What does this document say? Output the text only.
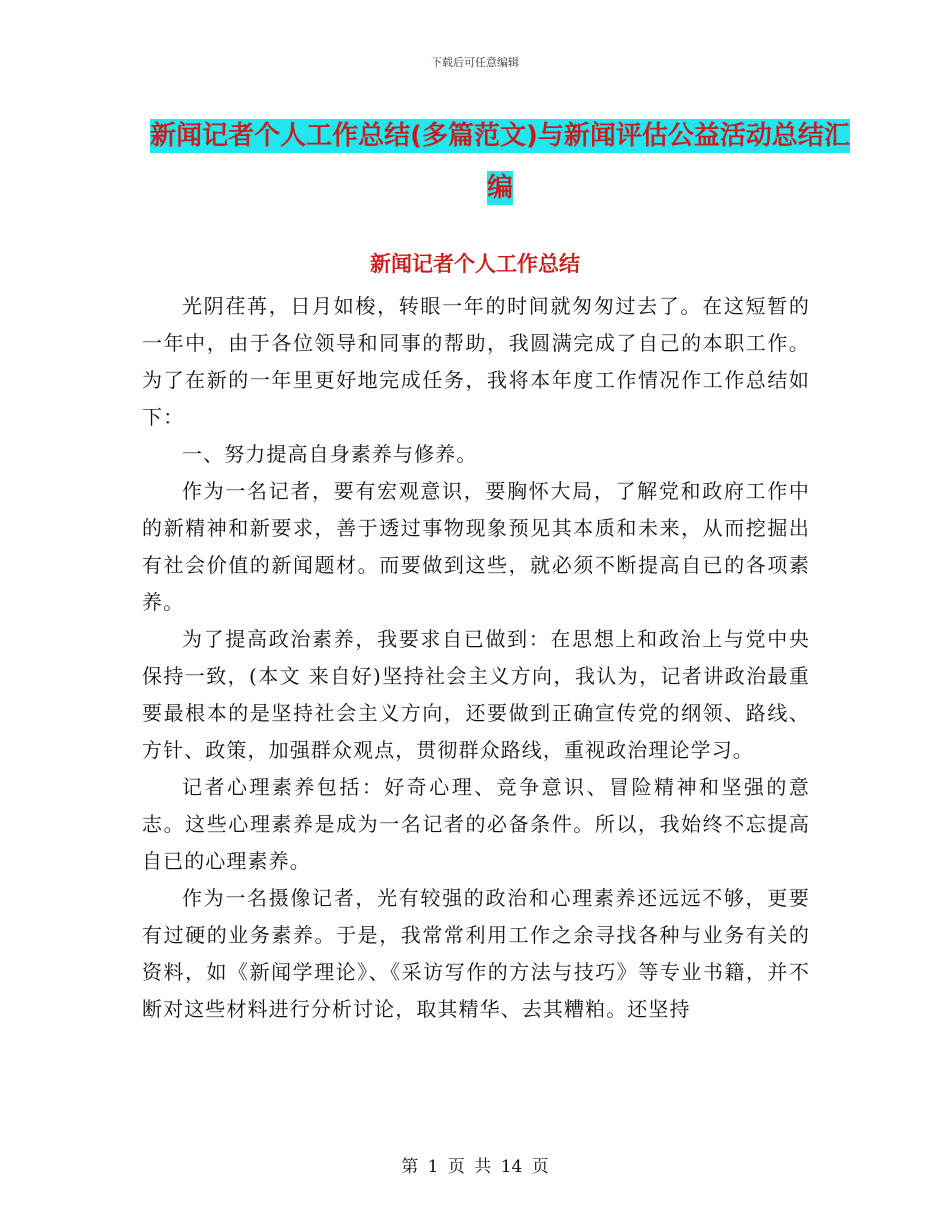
下载后可任意编辑
新闻记者个人工作总结(多篇范文)与新闻评估公益活动总结汇编
新闻记者个人工作总结

光阴荏苒，日月如梭，转眼一年的时间就匆匆过去了。在这短暂的一年中，由于各位领导和同事的帮助，我圆满完成了自己的本职工作。为了在新的一年里更好地完成任务，我将本年度工作情况作工作总结如下：

一、努力提高自身素养与修养。

作为一名记者，要有宏观意识，要胸怀大局，了解党和政府工作中的新精神和新要求，善于透过事物现象预见其本质和未来，从而挖掘出有社会价值的新闻题材。而要做到这些，就必须不断提高自已的各项素养。

为了提高政治素养，我要求自已做到：在思想上和政治上与党中央保持一致，(本文 来自好)坚持社会主义方向，我认为，记者讲政治最重要最根本的是坚持社会主义方向，还要做到正确宣传党的纲领、路线、方针、政策，加强群众观点，贯彻群众路线，重视政治理论学习。

记者心理素养包括：好奇心理、竞争意识、冒险精神和坚强的意志。这些心理素养是成为一名记者的必备条件。所以，我始终不忘提高自已的心理素养。

作为一名摄像记者，光有较强的政治和心理素养还远远不够，更要有过硬的业务素养。于是，我常常利用工作之余寻找各种与业务有关的资料，如《新闻学理论》、《采访写作的方法与技巧》等专业书籍，并不断对这些材料进行分析讨论，取其精华、去其糟粕。还坚持

第 1 页 共 14 页
